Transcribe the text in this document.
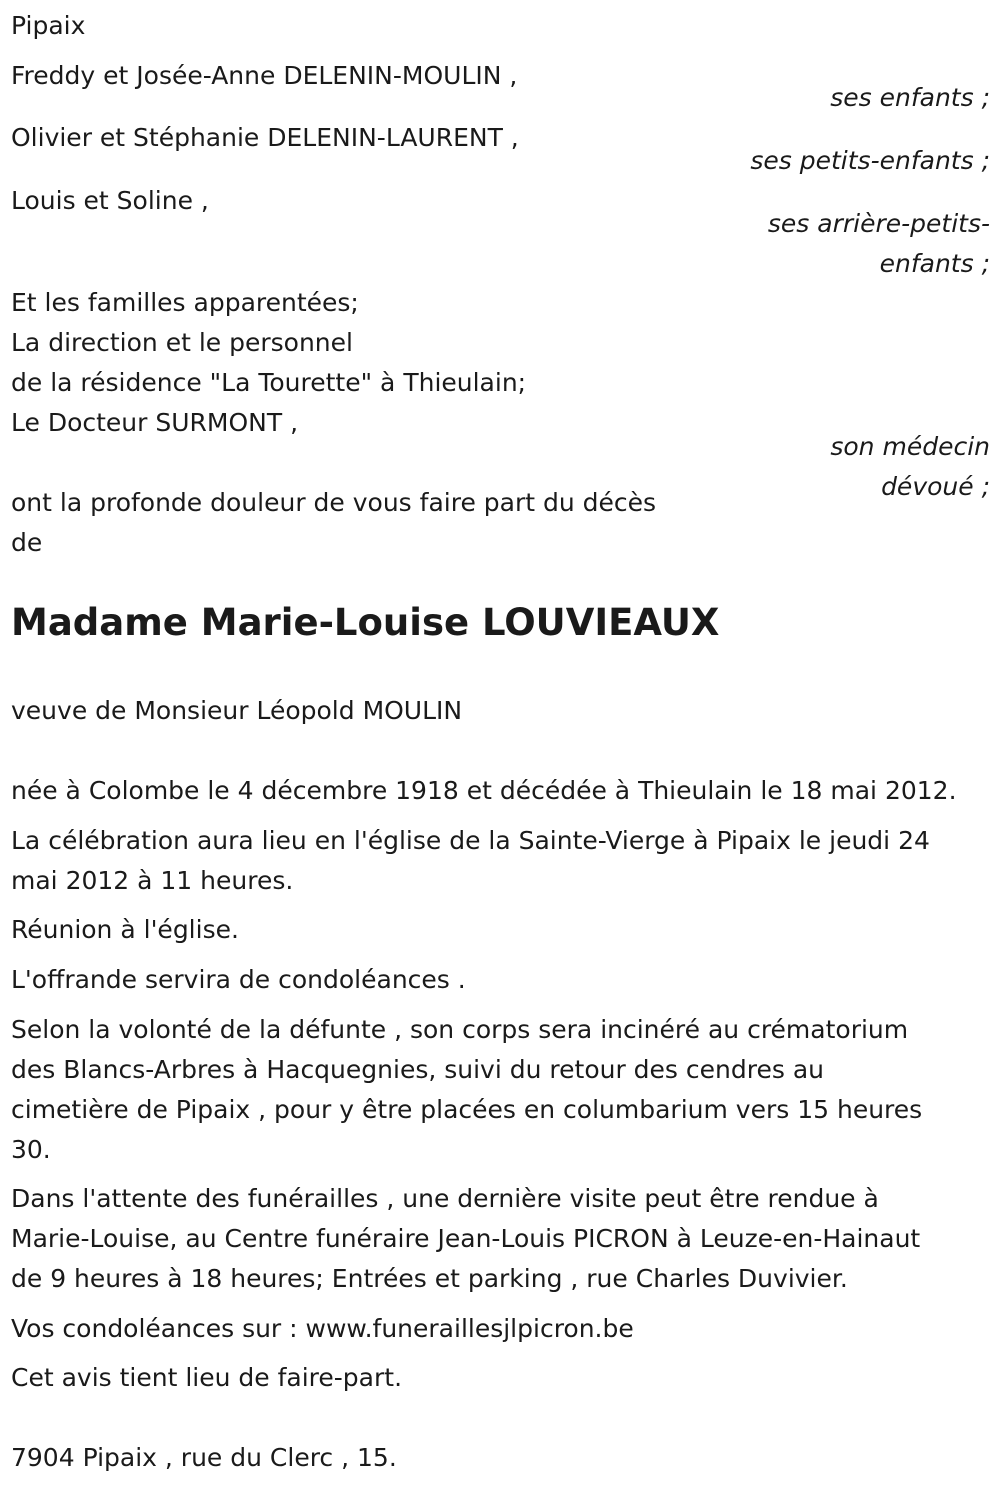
Pipaix
Freddy et Josée-Anne DELENIN-MOULIN ,
ses enfants ;
Olivier et Stéphanie DELENIN-LAURENT ,
ses petits-enfants ;
Louis et Soline ,
ses arrière-petits-
enfants ;
Et les familles apparentées;
La direction et le personnel
de la résidence "La Tourette" à Thieulain;
Le Docteur SURMONT ,
son médecin
dévoué ;
ont la profonde douleur de vous faire part du décès
de
Madame Marie-Louise LOUVIEAUX
veuve de Monsieur Léopold MOULIN
née à Colombe le 4 décembre 1918 et décédée à Thieulain le 18 mai 2012.
La célébration aura lieu en l'église de la Sainte-Vierge à Pipaix le jeudi 24
mai 2012 à 11 heures.
Réunion à l'église.
L'offrande servira de condoléances .
Selon la volonté de la défunte , son corps sera inciné​ré au crématorium
des Blancs-Arbres à Hacquegnies, suivi du retour des cendres au
cimetière de Pipaix , pour y être placées en columbarium vers 15 heures
30.
Dans l'attente des funérailles , une dernière visite peut être rendue à
Marie-Louise, au Centre funéraire Jean-Louis PICRON à Leuze-en-Hainaut
de 9 heures à 18 heures; Entrées et parking , rue Charles Duvivier.
Vos condoléances sur : www.funeraillesjlpicron.be
Cet avis tient lieu de faire-part.
7904 Pipaix , rue du Clerc , 15.
